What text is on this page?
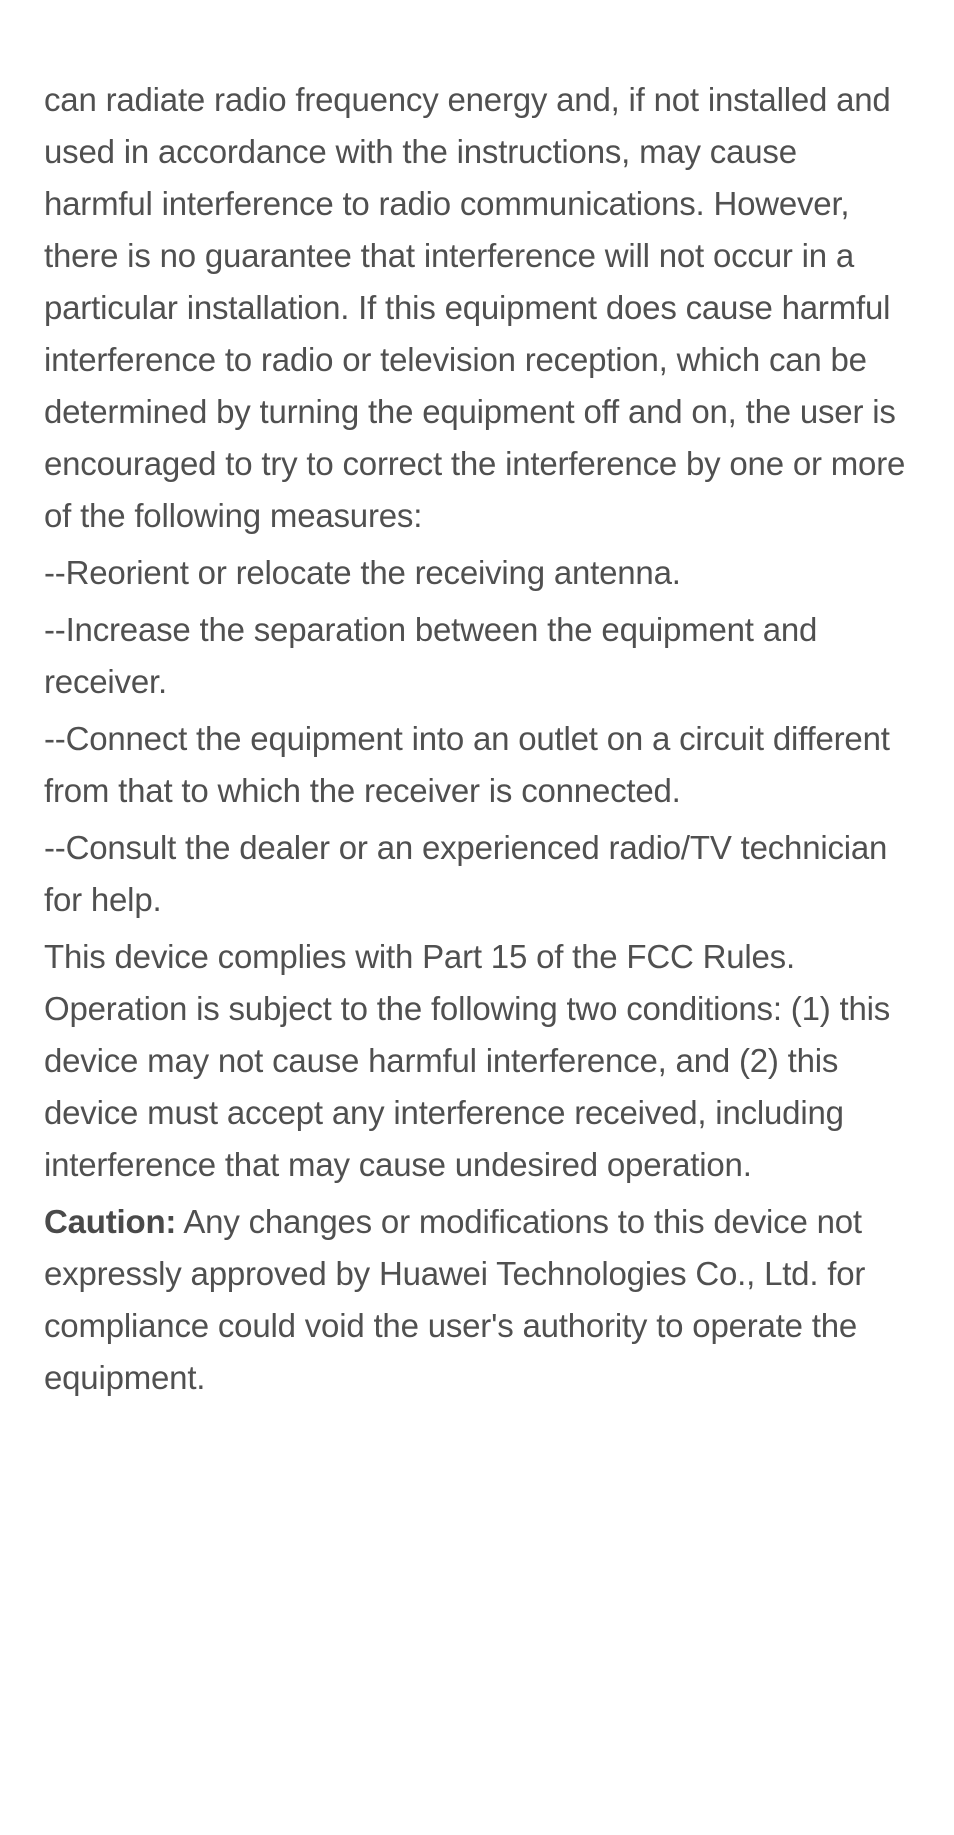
can radiate radio frequency energy and, if not installed and used in accordance with the instructions, may cause harmful interference to radio communications. However, there is no guarantee that interference will not occur in a particular installation. If this equipment does cause harmful interference to radio or television reception, which can be determined by turning the equipment off and on, the user is encouraged to try to correct the interference by one or more of the following measures:

--Reorient or relocate the receiving antenna.

--Increase the separation between the equipment and receiver.

--Connect the equipment into an outlet on a circuit different from that to which the receiver is connected.

--Consult the dealer or an experienced radio/TV technician for help.

This device complies with Part 15 of the FCC Rules. Operation is subject to the following two conditions: (1) this device may not cause harmful interference, and (2) this device must accept any interference received, including interference that may cause undesired operation.

Caution: Any changes or modifications to this device not expressly approved by Huawei Technologies Co., Ltd. for compliance could void the user's authority to operate the equipment.
